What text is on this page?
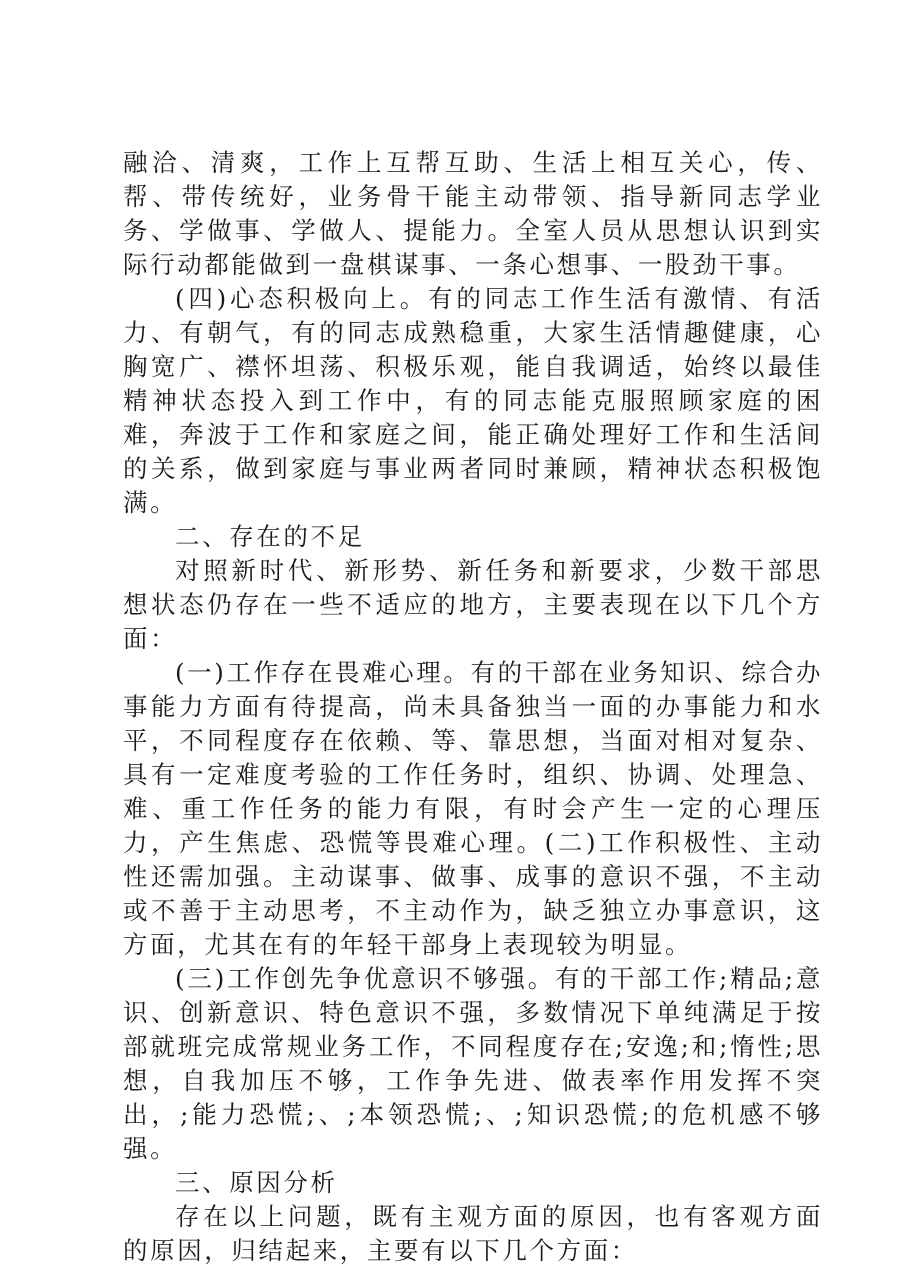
融洽、清爽，工作上互帮互助、生活上相互关心，传、帮、带传统好，业务骨干能主动带领、指导新同志学业务、学做事、学做人、提能力。全室人员从思想认识到实际行动都能做到一盘棋谋事、一条心想事、一股劲干事。

(四)心态积极向上。有的同志工作生活有激情、有活力、有朝气，有的同志成熟稳重，大家生活情趣健康，心胸宽广、襟怀坦荡、积极乐观，能自我调适，始终以最佳精神状态投入到工作中，有的同志能克服照顾家庭的困难，奔波于工作和家庭之间，能正确处理好工作和生活间的关系，做到家庭与事业两者同时兼顾，精神状态积极饱满。

二、存在的不足

对照新时代、新形势、新任务和新要求，少数干部思想状态仍存在一些不适应的地方，主要表现在以下几个方面：

(一)工作存在畏难心理。有的干部在业务知识、综合办事能力方面有待提高，尚未具备独当一面的办事能力和水平，不同程度存在依赖、等、靠思想，当面对相对复杂、具有一定难度考验的工作任务时，组织、协调、处理急、难、重工作任务的能力有限，有时会产生一定的心理压力，产生焦虑、恐慌等畏难心理。(二)工作积极性、主动性还需加强。主动谋事、做事、成事的意识不强，不主动或不善于主动思考，不主动作为，缺乏独立办事意识，这方面，尤其在有的年轻干部身上表现较为明显。

(三)工作创先争优意识不够强。有的干部工作;精品;意识、创新意识、特色意识不强，多数情况下单纯满足于按部就班完成常规业务工作，不同程度存在;安逸;和;惰性;思想，自我加压不够，工作争先进、做表率作用发挥不突出，;能力恐慌;、;本领恐慌;、;知识恐慌;的危机感不够强。

三、原因分析

存在以上问题，既有主观方面的原因，也有客观方面的原因，归结起来，主要有以下几个方面：
